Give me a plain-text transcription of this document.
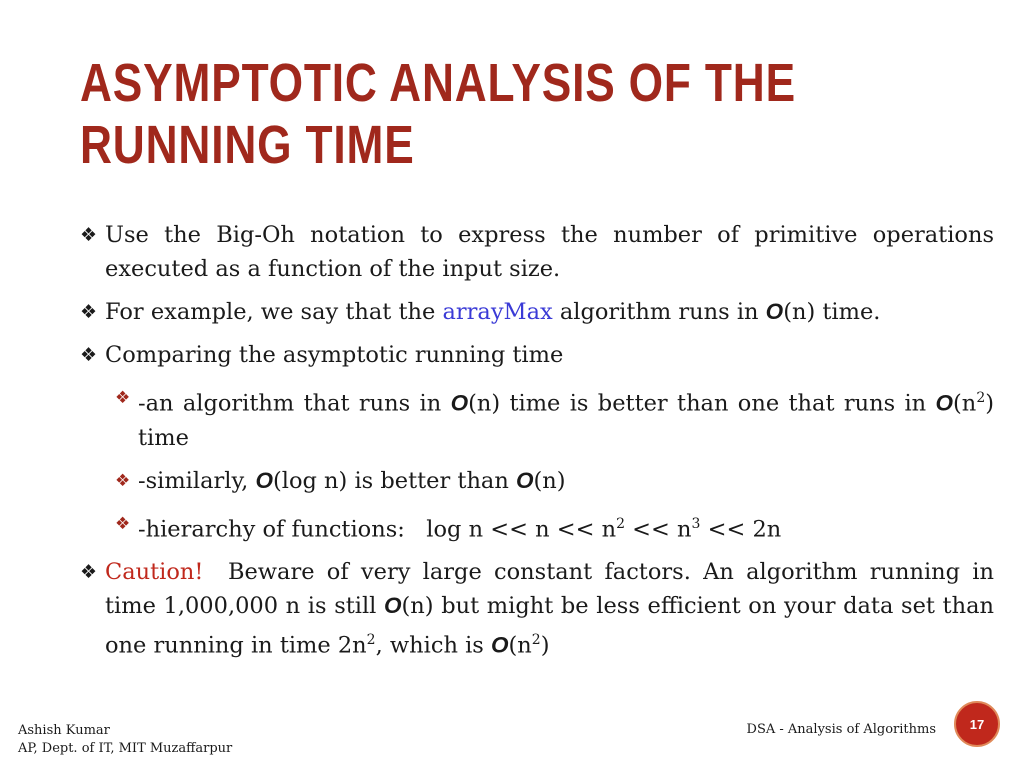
ASYMPTOTIC ANALYSIS OF THE
RUNNING TIME
❖ Use the Big-Oh notation to express the number of primitive operations executed as a function of the input size.
❖ For example, we say that the arrayMax algorithm runs in O(n) time.
❖ Comparing the asymptotic running time
❖ -an algorithm that runs in O(n) time is better than one that runs in $O(n^2)$ time
❖ -similarly, O(log n) is better than O(n)
❖ -hierarchy of functions:   $\log n << n << n^2 << n^3 << 2n$
❖ Caution!  Beware of very large constant factors. An algorithm running in time 1,000,000 n is still O(n) but might be less efficient on your data set than one running in time $2n^2$, which is $O(n^2)$
Ashish Kumar
AP, Dept. of IT, MIT Muzaffarpur
DSA - Analysis of Algorithms	17
